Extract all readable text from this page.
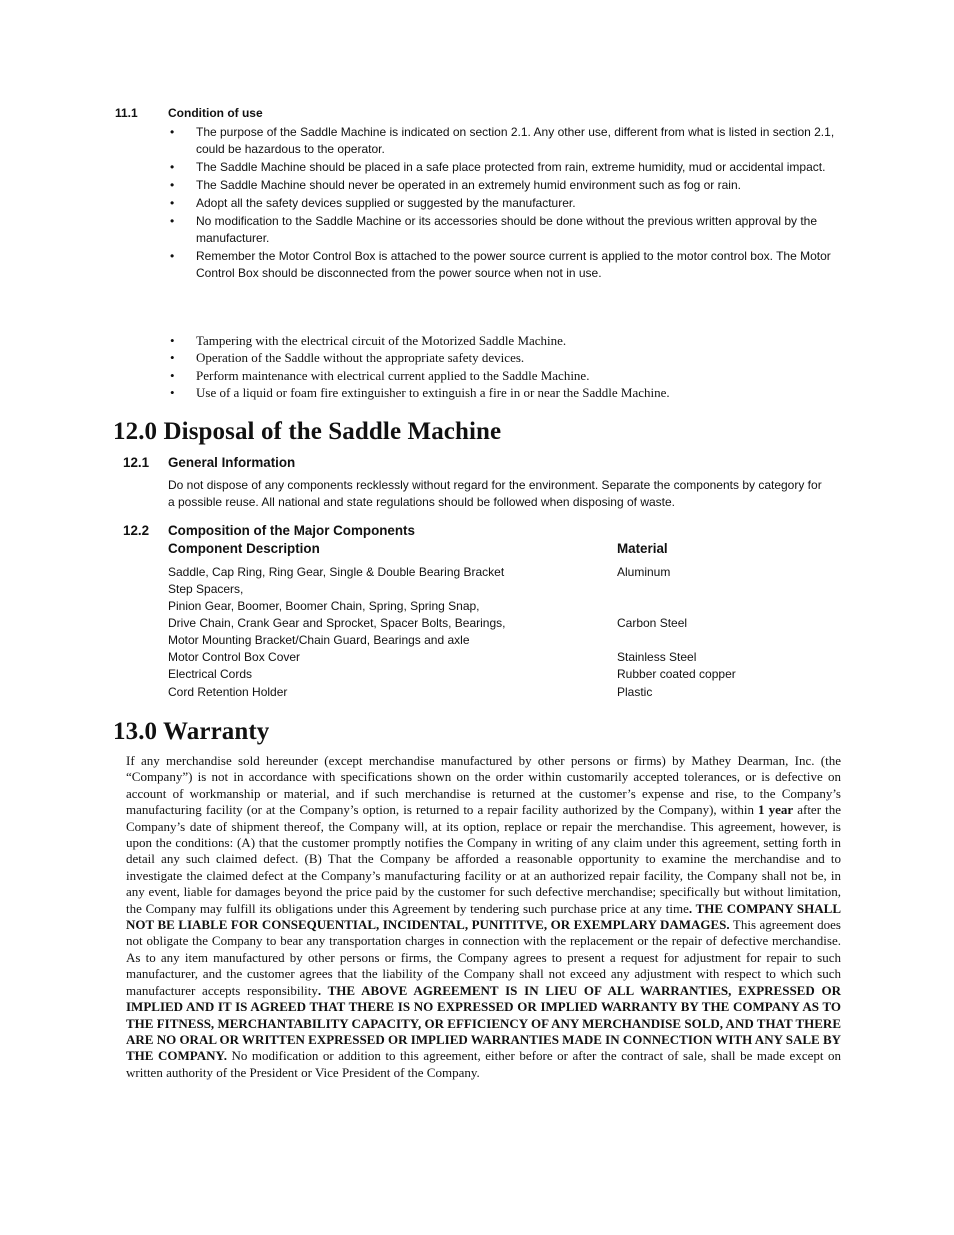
11.1	Condition of use
• The purpose of the Saddle Machine is indicated on section 2.1. Any other use, different from what is listed in section 2.1, could be hazardous to the operator.
• The Saddle Machine should be placed in a safe place protected from rain, extreme humidity, mud or accidental impact.
• The Saddle Machine should never be operated in an extremely humid environment such as fog or rain.
• Adopt all the safety devices supplied or suggested by the manufacturer.
• No modification to the Saddle Machine or its accessories should be done without the previous written approval by the manufacturer.
• Remember the Motor Control Box is attached to the power source current is applied to the motor control box. The Motor Control Box should be disconnected from the power source when not in use.
• Tampering with the electrical circuit of the Motorized Saddle Machine.
• Operation of the Saddle without the appropriate safety devices.
• Perform maintenance with electrical current applied to the Saddle Machine.
• Use of a liquid or foam fire extinguisher to extinguish a fire in or near the Saddle Machine.
12.0 Disposal of the Saddle Machine
12.1 General Information
Do not dispose of any components recklessly without regard for the environment. Separate the components by category for a possible reuse. All national and state regulations should be followed when disposing of waste.
12.2 Composition of the Major Components
Component Description	Material
Saddle, Cap Ring, Ring Gear, Single & Double Bearing Bracket	Aluminum
Step Spacers,
Pinion Gear, Boomer, Boomer Chain, Spring, Spring Snap,
Drive Chain, Crank Gear and Sprocket, Spacer Bolts, Bearings,	Carbon Steel
Motor Mounting Bracket/Chain Guard, Bearings and axle
Motor Control Box Cover	Stainless Steel
Electrical Cords	Rubber coated copper
Cord Retention Holder	Plastic
13.0 Warranty
If any merchandise sold hereunder (except merchandise manufactured by other persons or firms) by Mathey Dearman, Inc. (the “Company”) is not in accordance with specifications shown on the order within customarily accepted tolerances, or is defective on account of workmanship or material, and if such merchandise is returned at the customer’s expense and rise, to the Company’s manufacturing facility (or at the Company’s option, is returned to a repair facility authorized by the Company), within 1 year after the Company’s date of shipment thereof, the Company will, at its option, replace or repair the merchandise. This agreement, however, is upon the conditions: (A) that the customer promptly notifies the Company in writing of any claim under this agreement, setting forth in detail any such claimed defect. (B) That the Company be afforded a reasonable opportunity to examine the merchandise and to investigate the claimed defect at the Company’s manufacturing facility or at an authorized repair facility, the Company shall not be, in any event, liable for damages beyond the price paid by the customer for such defective merchandise; specifically but without limitation, the Company may fulfill its obligations under this Agreement by tendering such purchase price at any time. THE COMPANY SHALL NOT BE LIABLE FOR CONSEQUENTIAL, INCIDENTAL, PUNITITVE, OR EXEMPLARY DAMAGES. This agreement does not obligate the Company to bear any transportation charges in connection with the replacement or the repair of defective merchandise. As to any item manufactured by other persons or firms, the Company agrees to present a request for adjustment for repair to such manufacturer, and the customer agrees that the liability of the Company shall not exceed any adjustment with respect to which such manufacturer accepts responsibility. THE ABOVE AGREEMENT IS IN LIEU OF ALL WARRANTIES, EXPRESSED OR IMPLIED AND IT IS AGREED THAT THERE IS NO EXPRESSED OR IMPLIED WARRANTY BY THE COMPANY AS TO THE FITNESS, MERCHANTABILITY CAPACITY, OR EFFICIENCY OF ANY MERCHANDISE SOLD, AND THAT THERE ARE NO ORAL OR WRITTEN EXPRESSED OR IMPLIED WARRANTIES MADE IN CONNECTION WITH ANY SALE BY THE COMPANY. No modification or addition to this agreement, either before or after the contract of sale, shall be made except on written authority of the President or Vice President of the Company.
